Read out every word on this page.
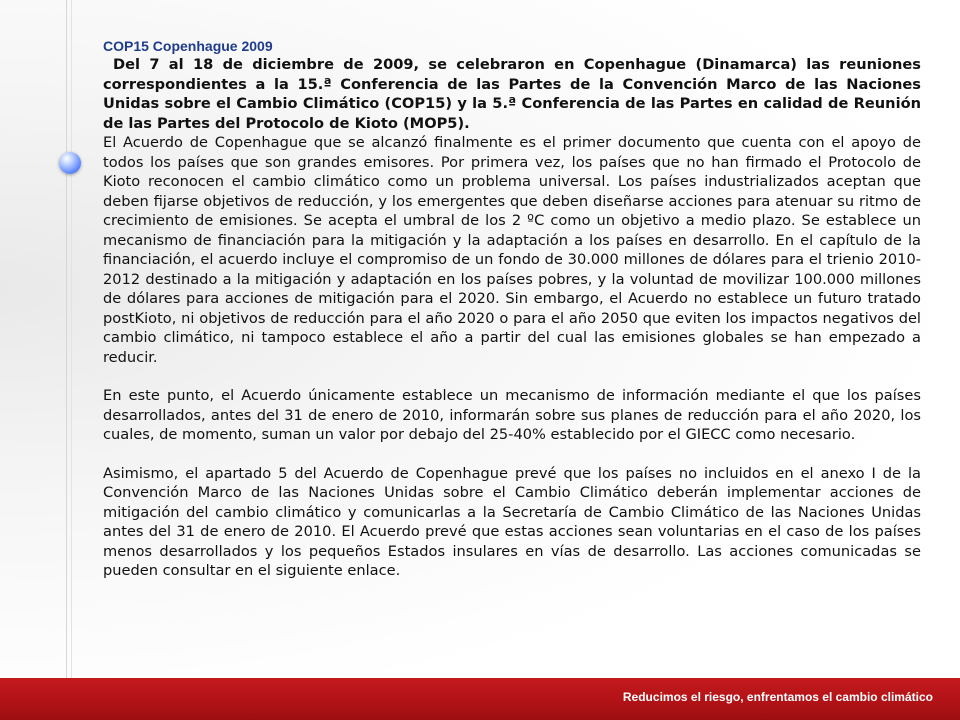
COP15 Copenhague 2009

Del 7 al 18 de diciembre de 2009, se celebraron en Copenhague (Dinamarca) las reuniones correspondientes a la 15.ª Conferencia de las Partes de la Convención Marco de las Naciones Unidas sobre el Cambio Climático (COP15) y la 5.ª Conferencia de las Partes en calidad de Reunión de las Partes del Protocolo de Kioto (MOP5).

El Acuerdo de Copenhague que se alcanzó finalmente es el primer documento que cuenta con el apoyo de todos los países que son grandes emisores. Por primera vez, los países que no han firmado el Protocolo de Kioto reconocen el cambio climático como un problema universal. Los países industrializados aceptan que deben fijarse objetivos de reducción, y los emergentes que deben diseñarse acciones para atenuar su ritmo de crecimiento de emisiones. Se acepta el umbral de los 2 ºC como un objetivo a medio plazo. Se establece un mecanismo de financiación para la mitigación y la adaptación a los países en desarrollo. En el capítulo de la financiación, el acuerdo incluye el compromiso de un fondo de 30.000 millones de dólares para el trienio 2010-2012 destinado a la mitigación y adaptación en los países pobres, y la voluntad de movilizar 100.000 millones de dólares para acciones de mitigación para el 2020. Sin embargo, el Acuerdo no establece un futuro tratado postKioto, ni objetivos de reducción para el año 2020 o para el año 2050 que eviten los impactos negativos del cambio climático, ni tampoco establece el año a partir del cual las emisiones globales se han empezado a reducir.

En este punto, el Acuerdo únicamente establece un mecanismo de información mediante el que los países desarrollados, antes del 31 de enero de 2010, informarán sobre sus planes de reducción para el año 2020, los cuales, de momento, suman un valor por debajo del 25-40% establecido por el GIECC como necesario.

Asimismo, el apartado 5 del Acuerdo de Copenhague prevé que los países no incluidos en el anexo I de la Convención Marco de las Naciones Unidas sobre el Cambio Climático deberán implementar acciones de mitigación del cambio climático y comunicarlas a la Secretaría de Cambio Climático de las Naciones Unidas antes del 31 de enero de 2010. El Acuerdo prevé que estas acciones sean voluntarias en el caso de los países menos desarrollados y los pequeños Estados insulares en vías de desarrollo. Las acciones comunicadas se pueden consultar en el siguiente enlace.

Reducimos el riesgo, enfrentamos el cambio climático
